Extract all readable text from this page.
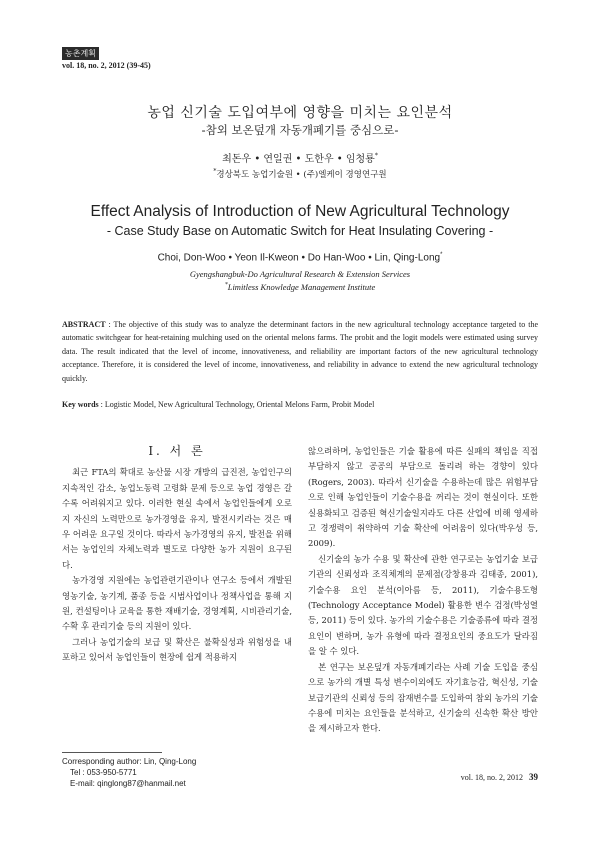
농촌계획
vol. 18, no. 2, 2012 (39-45)
농업 신기술 도입여부에 영향을 미치는 요인분석
-참외 보온덮개 자동개폐기를 중심으로-
최돈우 • 연일권 • 도한우 • 임청룡*
*경상북도 농업기술원 • (주)엘케이 경영연구원
Effect Analysis of Introduction of New Agricultural Technology
- Case Study Base on Automatic Switch for Heat Insulating Covering -
Choi, Don-Woo • Yeon Il-Kweon • Do Han-Woo • Lin, Qing-Long*
Gyengshangbuk-Do Agricultural Research & Extension Services
*Limitless Knowledge Management Institute
ABSTRACT : The objective of this study was to analyze the determinant factors in the new agricultural technology acceptance targeted to the automatic switchgear for heat-retaining mulching used on the oriental melons farms. The probit and the logit models were estimated using survey data. The result indicated that the level of income, innovativeness, and reliability are important factors of the new agricultural technology acceptance. Therefore, it is considered the level of income, innovativeness, and reliability in advance to extend the new agricultural technology quickly.
Key words : Logistic Model, New Agricultural Technology, Oriental Melons Farm, Probit Model
Ⅰ. 서 론

최근 FTA의 확대로 농산물 시장 개방의 급진전, 농업인구의 지속적인 감소, 농업노동력 고령화 문제 등으로 농업 경영은 갈수록 어려워지고 있다. 이러한 현실 속에서 농업인들에게 오로지 자신의 노력만으로 농가경영을 유지, 발전시키라는 것은 매우 어려운 요구일 것이다. 따라서 농가경영의 유지, 발전을 위해서는 농업인의 자체노력과 별도로 다양한 농가 지원이 요구된다.

농가경영 지원에는 농업관련기관이나 연구소 등에서 개발된 영농기술, 농기계, 품종 등을 시범사업이나 정책사업을 통해 지원, 컨설팅이나 교육을 통한 재배기술, 경영계획, 시비관리기술, 수확 후 관리기술 등의 지원이 있다.

그러나 농업기술의 보급 및 확산은 불확실성과 위험성을 내포하고 있어서 농업인들이 현장에 쉽게 적용하지

않으려하며, 농업인들은 기술 활용에 따른 실패의 책임을 직접 부담하지 않고 공공의 부담으로 돌리려 하는 경향이 있다(Rogers, 2003). 따라서 신기술을 수용하는데 많은 위험부담으로 인해 농업인들이 기술수용을 꺼리는 것이 현실이다. 또한 실용화되고 검증된 혁신기술일지라도 다른 산업에 비해 영세하고 경쟁력이 취약하여 기술 확산에 어려움이 있다(박우성 등, 2009).

신기술의 농가 수용 및 확산에 관한 연구로는 농업기술 보급기관의 신뢰성과 조직체계의 문제점(강창용과 김태종, 2001), 기술수용 요인 분석(이아름 등, 2011), 기술수용도형(Technology Acceptance Model) 활용한 변수 검정(박성열 등, 2011) 등이 있다. 농가의 기술수용은 기술종류에 따라 결정 요인이 변하며, 농가 유형에 따라 결정요인의 중요도가 달라짐을 알 수 있다.

본 연구는 보온덮개 자동개폐기라는 사례 기술 도입을 중심으로 농가의 개별 특성 변수이외에도 자기효능감, 혁신성, 기술보급기관의 신뢰성 등의 잠재변수를 도입하여 참외 농가의 기술수용에 미치는 요인들을 분석하고, 신기술의 신속한 확산 방안을 제시하고자 한다.

Corresponding author: Lin, Qing-Long
Tel : 053-950-5771
E-mail: qinglong87@hanmail.net
vol. 18, no. 2, 2012 39
